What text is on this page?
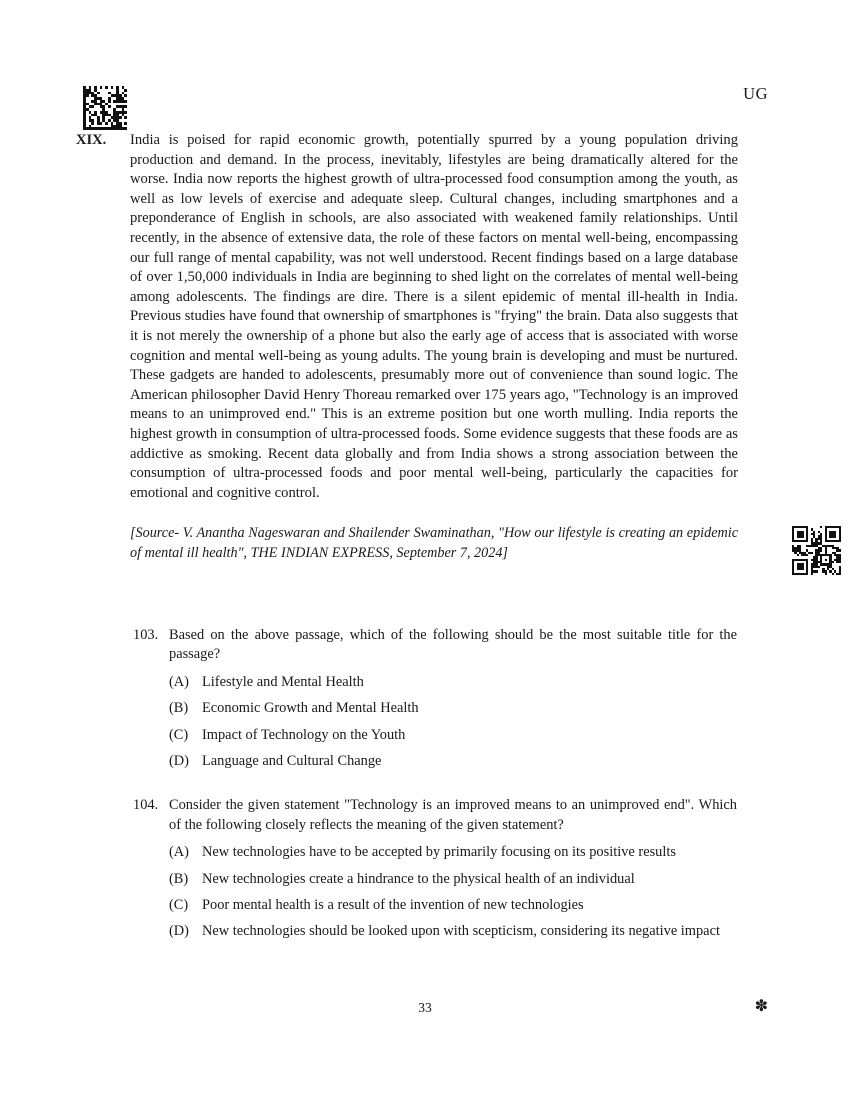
UG
XIX.	India is poised for rapid economic growth, potentially spurred by a young population driving production and demand. In the process, inevitably, lifestyles are being dramatically altered for the worse. India now reports the highest growth of ultra-processed food consumption among the youth, as well as low levels of exercise and adequate sleep. Cultural changes, including smartphones and a preponderance of English in schools, are also associated with weakened family relationships. Until recently, in the absence of extensive data, the role of these factors on mental well-being, encompassing our full range of mental capability, was not well understood. Recent findings based on a large database of over 1,50,000 individuals in India are beginning to shed light on the correlates of mental well-being among adolescents. The findings are dire. There is a silent epidemic of mental ill-health in India. Previous studies have found that ownership of smartphones is "frying" the brain. Data also suggests that it is not merely the ownership of a phone but also the early age of access that is associated with worse cognition and mental well-being as young adults. The young brain is developing and must be nurtured. These gadgets are handed to adolescents, presumably more out of convenience than sound logic. The American philosopher David Henry Thoreau remarked over 175 years ago, "Technology is an improved means to an unimproved end." This is an extreme position but one worth mulling. India reports the highest growth in consumption of ultra-processed foods. Some evidence suggests that these foods are as addictive as smoking. Recent data globally and from India shows a strong association between the consumption of ultra-processed foods and poor mental well-being, particularly the capacities for emotional and cognitive control.

[Source- V. Anantha Nageswaran and Shailender Swaminathan, "How our lifestyle is creating an epidemic of mental ill health", THE INDIAN EXPRESS, September 7, 2024]

103. Based on the above passage, which of the following should be the most suitable title for the passage?

(A) Lifestyle and Mental Health
(B) Economic Growth and Mental Health
(C) Impact of Technology on the Youth
(D) Language and Cultural Change
104. Consider the given statement "Technology is an improved means to an unimproved end". Which of the following closely reflects the meaning of the given statement?

(A) New technologies have to be accepted by primarily focusing on its positive results
(B) New technologies create a hindrance to the physical health of an individual
(C) Poor mental health is a result of the invention of new technologies
(D) New technologies should be looked upon with scepticism, considering its negative impact
33	✽
